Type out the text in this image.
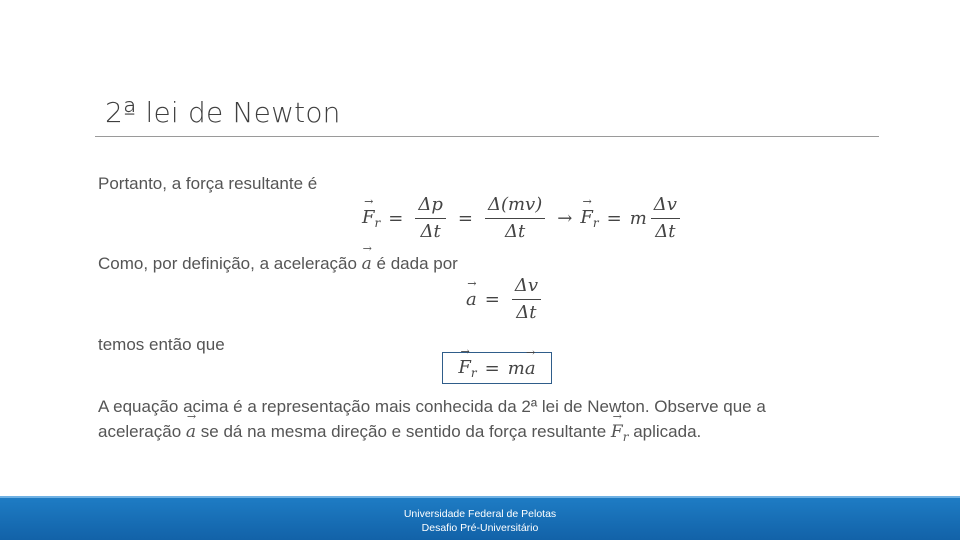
2ª lei de Newton
Portanto, a força resultante é
$F \to_r = \frac{\Delta p}{\Delta t} = \frac{\Delta(mv)}{\Delta t} \to F \to_r = m \frac{\Delta v}{\Delta t}$
Como, por definição, a aceleração a → é dada por
a → = $\frac{\Delta v}{\Delta t}$
temos então que
$F \to_r$ = ma →
A equação acima é a representação mais conhecida da 2ª lei de Newton. Observe que a
aceleração a → se dá na mesma direção e sentido da força resultante $F \to_r$ aplicada.
Universidade Federal de Pelotas
Desafio Pré-Universitário
